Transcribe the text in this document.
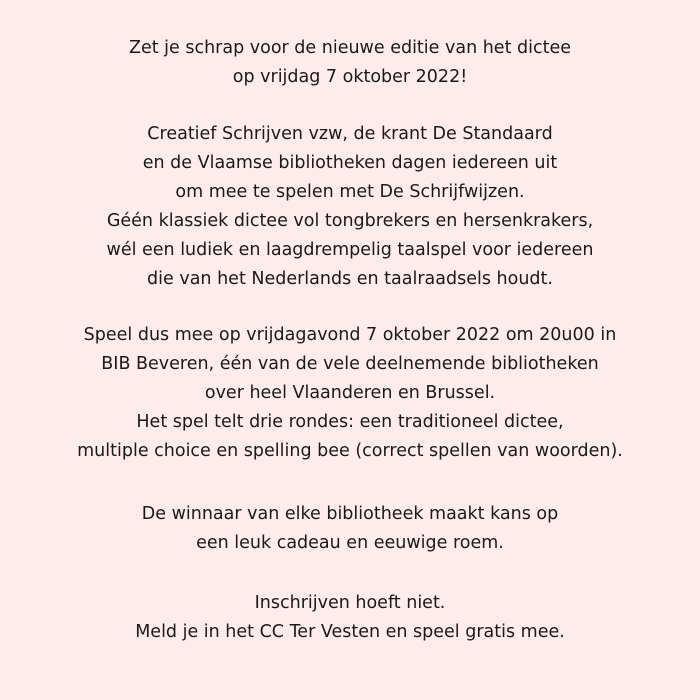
Zet je schrap voor de nieuwe editie van het dictee
op vrijdag 7 oktober 2022!
Creatief Schrijven vzw, de krant De Standaard
en de Vlaamse bibliotheken dagen iedereen uit
om mee te spelen met De Schrijfwijzen.
Géén klassiek dictee vol tongbrekers en hersenkrakers,
wél een ludiek en laagdrempelig taalspel voor iedereen
die van het Nederlands en taalraadsels houdt.
Speel dus mee op vrijdagavond 7 oktober 2022 om 20u00 in
BIB Beveren, één van de vele deelnemende bibliotheken
over heel Vlaanderen en Brussel.
Het spel telt drie rondes: een traditioneel dictee,
multiple choice en spelling bee (correct spellen van woorden).
De winnaar van elke bibliotheek maakt kans op
een leuk cadeau en eeuwige roem.
Inschrijven hoeft niet.
Meld je in het CC Ter Vesten en speel gratis mee.
